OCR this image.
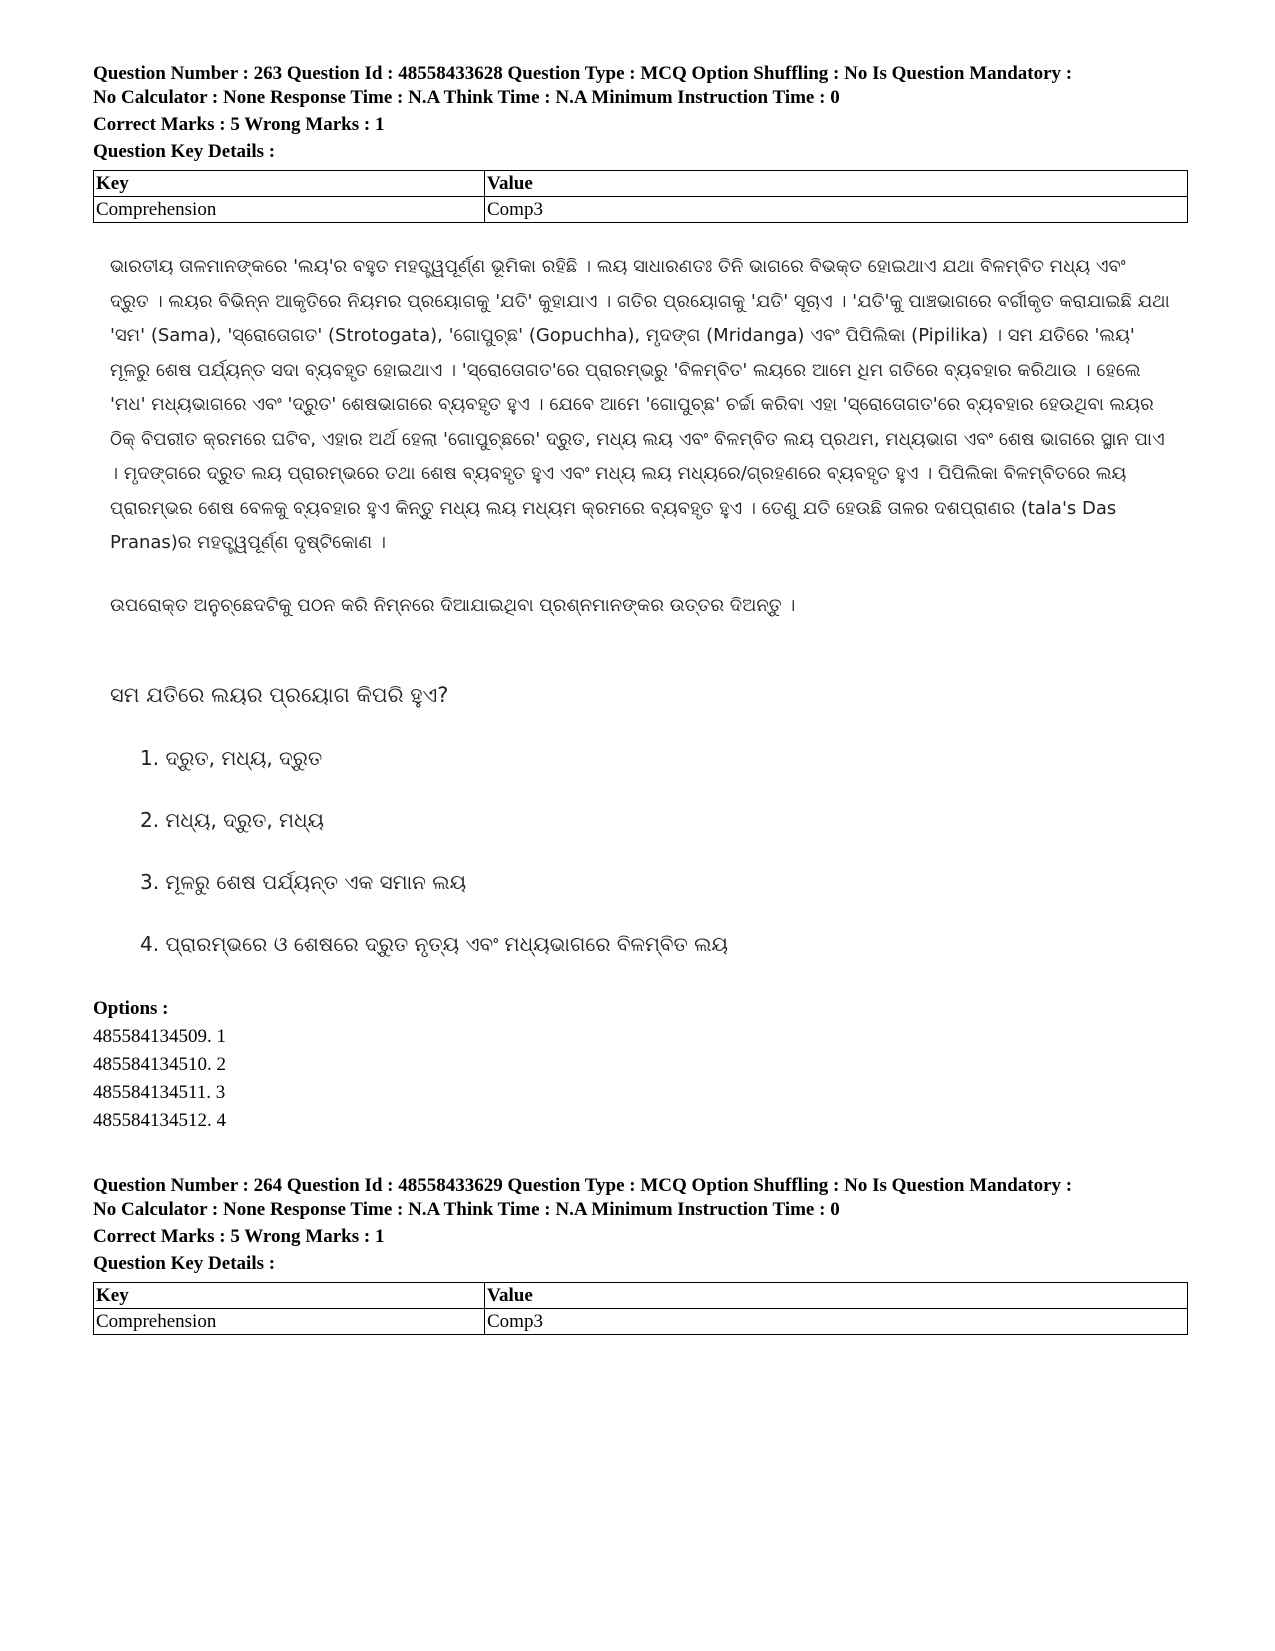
Question Number : 263 Question Id : 48558433628 Question Type : MCQ Option Shuffling : No Is Question Mandatory :

No Calculator : None Response Time : N.A Think Time : N.A Minimum Instruction Time : 0

Correct Marks : 5 Wrong Marks : 1

Question Key Details :

Key	Value
Comprehension	Comp3

ଭାରତୀୟ ତାଳମାନଙ୍କରେ 'ଲୟ'ର ବହୁତ ମହତ୍ତ୍ୱପୂର୍ଣ୍ଣ ଭୂମିକା ରହିଛି । ଲୟ ସାଧାରଣତଃ ତିନି ଭାଗରେ ବିଭକ୍ତ ହୋଇଥାଏ ଯଥା ବିଳମ୍ବିତ ମଧ୍ୟ ଏବଂ ଦ୍ରୁତ । ଲୟର ବିଭିନ୍ନ ଆକୃତିରେ ନିୟମର ପ୍ରୟୋଗକୁ 'ଯତି' କୁହାଯାଏ । ଗତିର ପ୍ରୟୋଗକୁ 'ଯତି' ସୂଚାଏ । 'ଯତି'କୁ ପାଞ୍ଚଭାଗରେ ବର୍ଗୀକୃତ କରାଯାଇଛି ଯଥା 'ସମ' (Sama), 'ସ୍ରୋତୋଗତ' (Strotogata), 'ଗୋପୁଚ୍ଛ' (Gopuchha), ମୃଦଙ୍ଗ (Mridanga) ଏବଂ ପିପିଲିକା (Pipilika) । ସମ ଯତିରେ 'ଲୟ' ମୂଳରୁ ଶେଷ ପର୍ଯ୍ୟନ୍ତ ସଦା ବ୍ୟବହୃତ ହୋଇଥାଏ । 'ସ୍ରୋତୋଗତ'ରେ ପ୍ରାରମ୍ଭରୁ 'ବିଳମ୍ବିତ' ଲୟରେ ଆମେ ଧିମ ଗତିରେ ବ୍ୟବହାର କରିଥାଉ । ହେଲେ 'ମଧ' ମଧ୍ୟଭାଗରେ ଏବଂ 'ଦ୍ରୁତ' ଶେଷଭାଗରେ ବ୍ୟବହୃତ ହୁଏ । ଯେବେ ଆମେ 'ଗୋପୁଚ୍ଛ' ଚର୍ଚ୍ଚା କରିବା ଏହା 'ସ୍ରୋତୋଗତ'ରେ ବ୍ୟବହାର ହେଉଥିବା ଲୟର ଠିକ୍ ବିପରୀତ କ୍ରମରେ ଘଟିବ, ଏହାର ଅର୍ଥ ହେଲା 'ଗୋପୁଚ୍ଛରେ' ଦ୍ରୁତ, ମଧ୍ୟ ଲୟ ଏବଂ ବିଳମ୍ବିତ ଲୟ ପ୍ରଥମ, ମଧ୍ୟଭାଗ ଏବଂ ଶେଷ ଭାଗରେ ସ୍ଥାନ ପାଏ । ମୃଦଙ୍ଗରେ ଦ୍ରୁତ ଲୟ ପ୍ରାରମ୍ଭରେ ତଥା ଶେଷ ବ୍ୟବହୃତ ହୁଏ ଏବଂ ମଧ୍ୟ ଲୟ ମଧ୍ୟରେ/ଗ୍ରହଣରେ ବ୍ୟବହୃତ ହୁଏ । ପିପିଲିକା ବିଳମ୍ବିତରେ ଲୟ ପ୍ରାରମ୍ଭର ଶେଷ ବେଳକୁ ବ୍ୟବହାର ହୁଏ କିନ୍ତୁ ମଧ୍ୟ ଲୟ ମଧ୍ୟମ କ୍ରମରେ ବ୍ୟବହୃତ ହୁଏ । ତେଣୁ ଯତି ହେଉଛି ତାଳର ଦଶପ୍ରାଣର (tala's Das Pranas)ର ମହତ୍ତ୍ୱପୂର୍ଣ୍ଣ ଦୃଷ୍ଟିକୋଣ ।

ଉପରୋକ୍ତ ଅନୁଚ୍ଛେଦଟିକୁ ପଠନ କରି ନିମ୍ନରେ ଦିଆଯାଇଥିବା ପ୍ରଶ୍ନମାନଙ୍କର ଉତ୍ତର ଦିଅନ୍ତୁ ।

ସମ ଯତିରେ ଲୟର ପ୍ରୟୋଗ କିପରି ହୁଏ?

1. ଦ୍ରୁତ, ମଧ୍ୟ, ଦ୍ରୁତ

2. ମଧ୍ୟ, ଦ୍ରୁତ, ମଧ୍ୟ

3. ମୂଳରୁ ଶେଷ ପର୍ଯ୍ୟନ୍ତ ଏକ ସମାନ ଲୟ

4. ପ୍ରାରମ୍ଭରେ ଓ ଶେଷରେ ଦ୍ରୁତ ନୃତ୍ୟ ଏବଂ ମଧ୍ୟଭାଗରେ ବିଳମ୍ବିତ ଲୟ

Options :

485584134509. 1

485584134510. 2

485584134511. 3

485584134512. 4

Question Number : 264 Question Id : 48558433629 Question Type : MCQ Option Shuffling : No Is Question Mandatory :

No Calculator : None Response Time : N.A Think Time : N.A Minimum Instruction Time : 0

Correct Marks : 5 Wrong Marks : 1

Question Key Details :

Key	Value
Comprehension	Comp3
